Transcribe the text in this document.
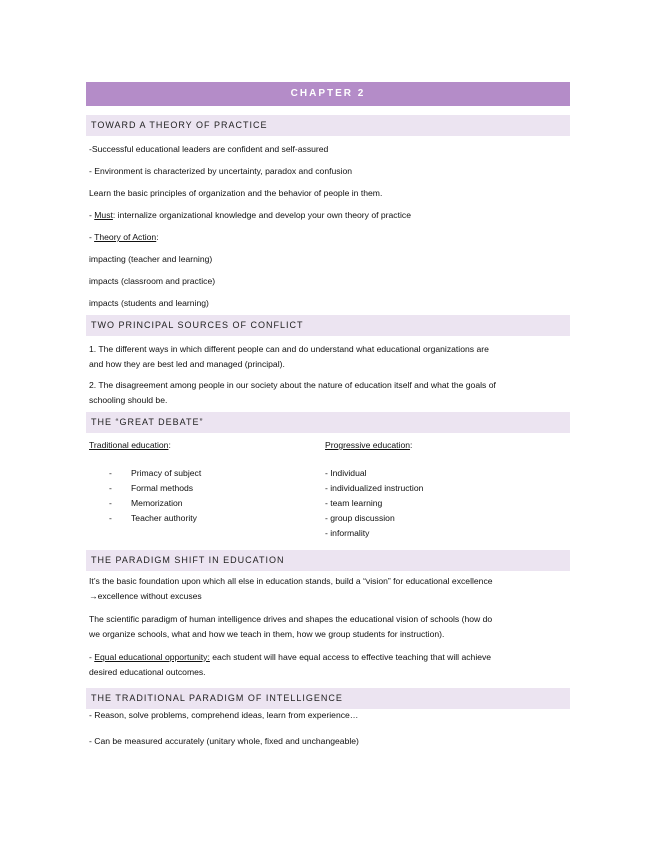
CHAPTER 2
TOWARD A THEORY OF PRACTICE
-Successful educational leaders are confident and self-assured
- Environment is characterized by uncertainty, paradox and confusion
Learn the basic principles of organization and the behavior of people in them.
- Must: internalize organizational knowledge and develop your own theory of practice
- Theory of Action:
impacting (teacher and learning)
impacts (classroom and practice)
impacts (students and learning)
TWO PRINCIPAL SOURCES OF CONFLICT
1. The different ways in which different people can and do understand what educational organizations are
and how they are best led and managed (principal).
2. The disagreement among people in our society about the nature of education itself and what the goals of
schooling should be.
THE “GREAT DEBATE”
Traditional education:
- Primacy of subject
- Formal methods
- Memorization
- Teacher authority
Progressive education:
- Individual
- individualized instruction
- team learning
- group discussion
- informality
THE PARADIGM SHIFT IN EDUCATION
It’s the basic foundation upon which all else in education stands, build a “vision” for educational excellence
→excellence without excuses
The scientific paradigm of human intelligence drives and shapes the educational vision of schools (how do
we organize schools, what and how we teach in them, how we group students for instruction).
- Equal educational opportunity: each student will have equal access to effective teaching that will achieve
desired educational outcomes.
THE TRADITIONAL PARADIGM OF INTELLIGENCE
- Reason, solve problems, comprehend ideas, learn from experience…
- Can be measured accurately (unitary whole, fixed and unchangeable)
